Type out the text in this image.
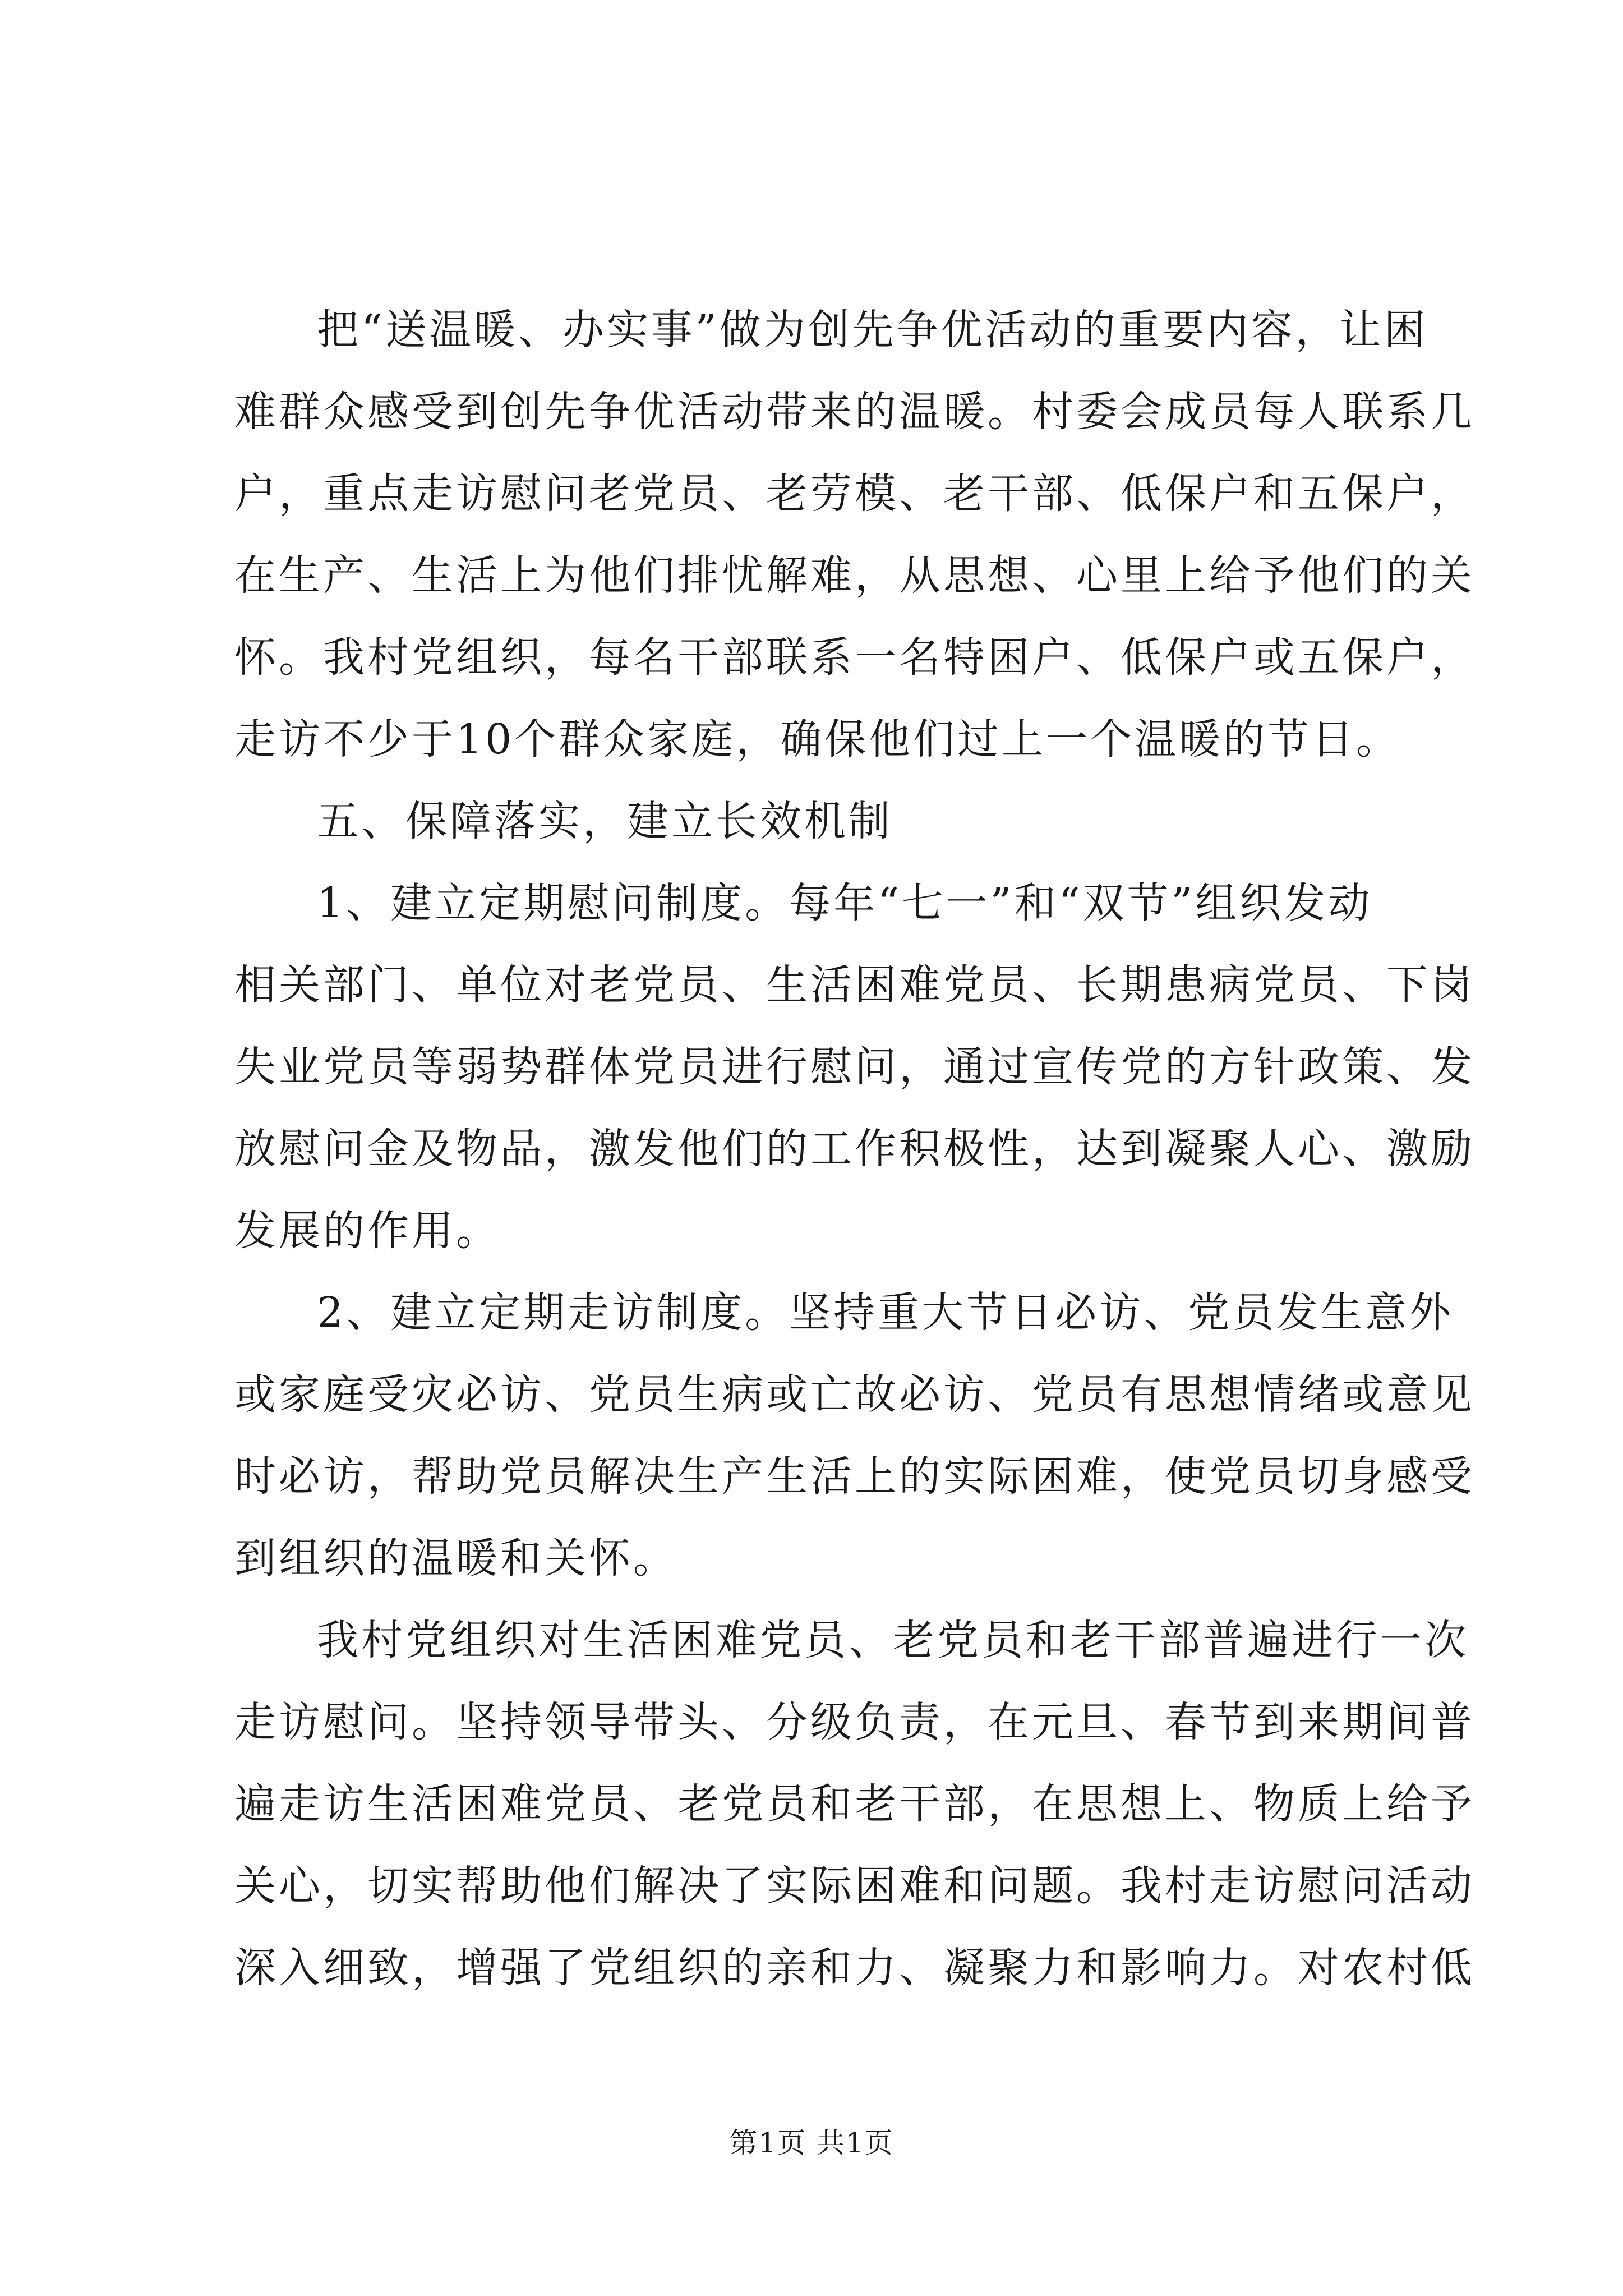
把“送温暖、办实事”做为创先争优活动的重要内容，让困
难群众感受到创先争优活动带来的温暖。村委会成员每人联系几
户，重点走访慰问老党员、老劳模、老干部、低保户和五保户，
在生产、生活上为他们排忧解难，从思想、心里上给予他们的关
怀。我村党组织，每名干部联系一名特困户、低保户或五保户，
走访不少于10个群众家庭，确保他们过上一个温暖的节日。
五、保障落实，建立长效机制
1、建立定期慰问制度。每年“七一”和“双节”组织发动
相关部门、单位对老党员、生活困难党员、长期患病党员、下岗
失业党员等弱势群体党员进行慰问，通过宣传党的方针政策、发
放慰问金及物品，激发他们的工作积极性，达到凝聚人心、激励
发展的作用。
2、建立定期走访制度。坚持重大节日必访、党员发生意外
或家庭受灾必访、党员生病或亡故必访、党员有思想情绪或意见
时必访，帮助党员解决生产生活上的实际困难，使党员切身感受
到组织的温暖和关怀。
我村党组织对生活困难党员、老党员和老干部普遍进行一次
走访慰问。坚持领导带头、分级负责，在元旦、春节到来期间普
遍走访生活困难党员、老党员和老干部，在思想上、物质上给予
关心，切实帮助他们解决了实际困难和问题。我村走访慰问活动
深入细致，增强了党组织的亲和力、凝聚力和影响力。对农村低
第1页 共1页
